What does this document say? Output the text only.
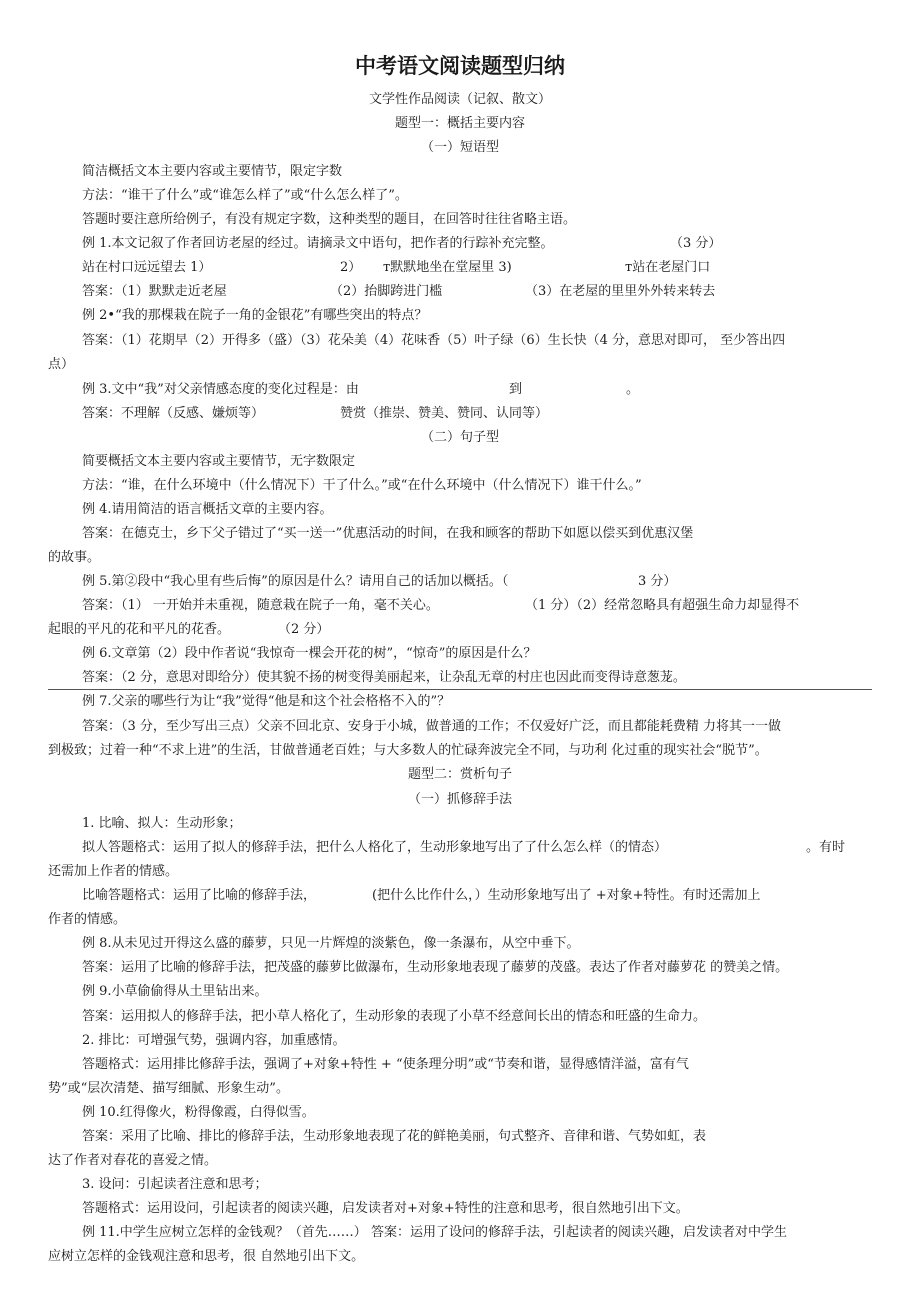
中考语文阅读题型归纳
文学性作品阅读（记叙、散文）
题型一：概括主要内容
（一）短语型
简洁概括文本主要内容或主要情节，限定字数
方法：“谁干了什么”或“谁怎么样了”或“什么怎么样了”。
答题时要注意所给例子，有没有规定字数，这种类型的题目，在回答时往往省略主语。
例 1.本文记叙了作者回访老屋的经过。请摘录文中语句，把作者的行踪补充完整。	（3 分）
站在村口远远望去 1）	2） т默默地坐在堂屋里 3)	т站在老屋门口
答案：（1）默默走近老屋	（2）抬脚跨进门槛	（3）在老屋的里里外外转来转去
例 2•“我的那棵栽在院子一角的金银花”有哪些突出的特点？
答案：（1）花期早（2）开得多（盛）（3）花朵美（4）花味香（5）叶子绿（6）生长快（4 分，意思对即可， 至少答出四
点）
例 3.文中“我”对父亲情感态度的变化过程是：由	到	。
答案：不理解（反感、嫌烦等）	赞赏（推崇、赞美、赞同、认同等）
（二）句子型
简要概括文本主要内容或主要情节，无字数限定
方法：“谁，在什么环境中（什么情况下）干了什么。”或“在什么环境中（什么情况下）谁干什么。”
例 4.请用简洁的语言概括文章的主要内容。
答案：在德克士，乡下父子错过了“买一送一”优惠活动的时间，在我和顾客的帮助下如愿以偿买到优惠汉堡
的故事。
例 5.第②段中“我心里有些后悔”的原因是什么？请用自己的话加以概括。（	3 分）
答案：（1） 一开始并未重视，随意栽在院子一角，毫不关心。	（1 分）（2）经常忽略具有超强生命力却显得不
起眼的平凡的花和平凡的花香。	（2 分）
例 6.文章第（2）段中作者说“我惊奇一棵会开花的树”，“惊奇”的原因是什么？
答案：（2 分，意思对即给分）使其貌不扬的树变得美丽起来，让杂乱无章的村庄也因此而变得诗意葱茏。
例 7.父亲的哪些行为让“我”觉得“他是和这个社会格格不入的”？
答案：（3 分，至少写出三点）父亲不回北京、安身于小城，做普通的工作；不仅爱好广泛，而且都能耗费精 力将其一一做
到极致；过着一种“不求上进”的生活，甘做普通老百姓；与大多数人的忙碌奔波完全不同，与功利 化过重的现实社会“脱节”。
题型二：赏析句子
（一）抓修辞手法
1. 比喻、拟人：生动形象；
拟人答题格式：运用了拟人的修辞手法，把什么人格化了，生动形象地写出了了什么怎么样（的情态）	。有时
还需加上作者的情感。
比喻答题格式：运用了比喻的修辞手法，	(把什么比作什么，）生动形象地写出了 +对象+特性。有时还需加上
作者的情感。
例 8.从未见过开得这么盛的藤萝，只见一片辉煌的淡紫色，像一条瀑布，从空中垂下。
答案：运用了比喻的修辞手法，把茂盛的藤萝比做瀑布，生动形象地表现了藤萝的茂盛。表达了作者对藤萝花 的赞美之情。
例 9.小草偷偷得从土里钻出来。
答案：运用拟人的修辞手法，把小草人格化了，生动形象的表现了小草不经意间长出的情态和旺盛的生命力。
2. 排比：可增强气势，强调内容，加重感情。
答题格式：运用排比修辞手法，强调了+对象+特性 + “使条理分明”或“节奏和谐，显得感情洋溢，富有气
势”或“层次清楚、描写细腻、形象生动”。
例 10.红得像火，粉得像霞，白得似雪。
答案：采用了比喻、排比的修辞手法，生动形象地表现了花的鲜艳美丽，句式整齐、音律和谐、气势如虹，表
达了作者对春花的喜爱之情。
3. 设问：引起读者注意和思考；
答题格式：运用设问，引起读者的阅读兴趣，启发读者对+对象+特性的注意和思考，很自然地引出下文。
例 11.中学生应树立怎样的金钱观？（首先……） 答案：运用了设问的修辞手法，引起读者的阅读兴趣，启发读者对中学生
应树立怎样的金钱观注意和思考，很 自然地引出下文。
